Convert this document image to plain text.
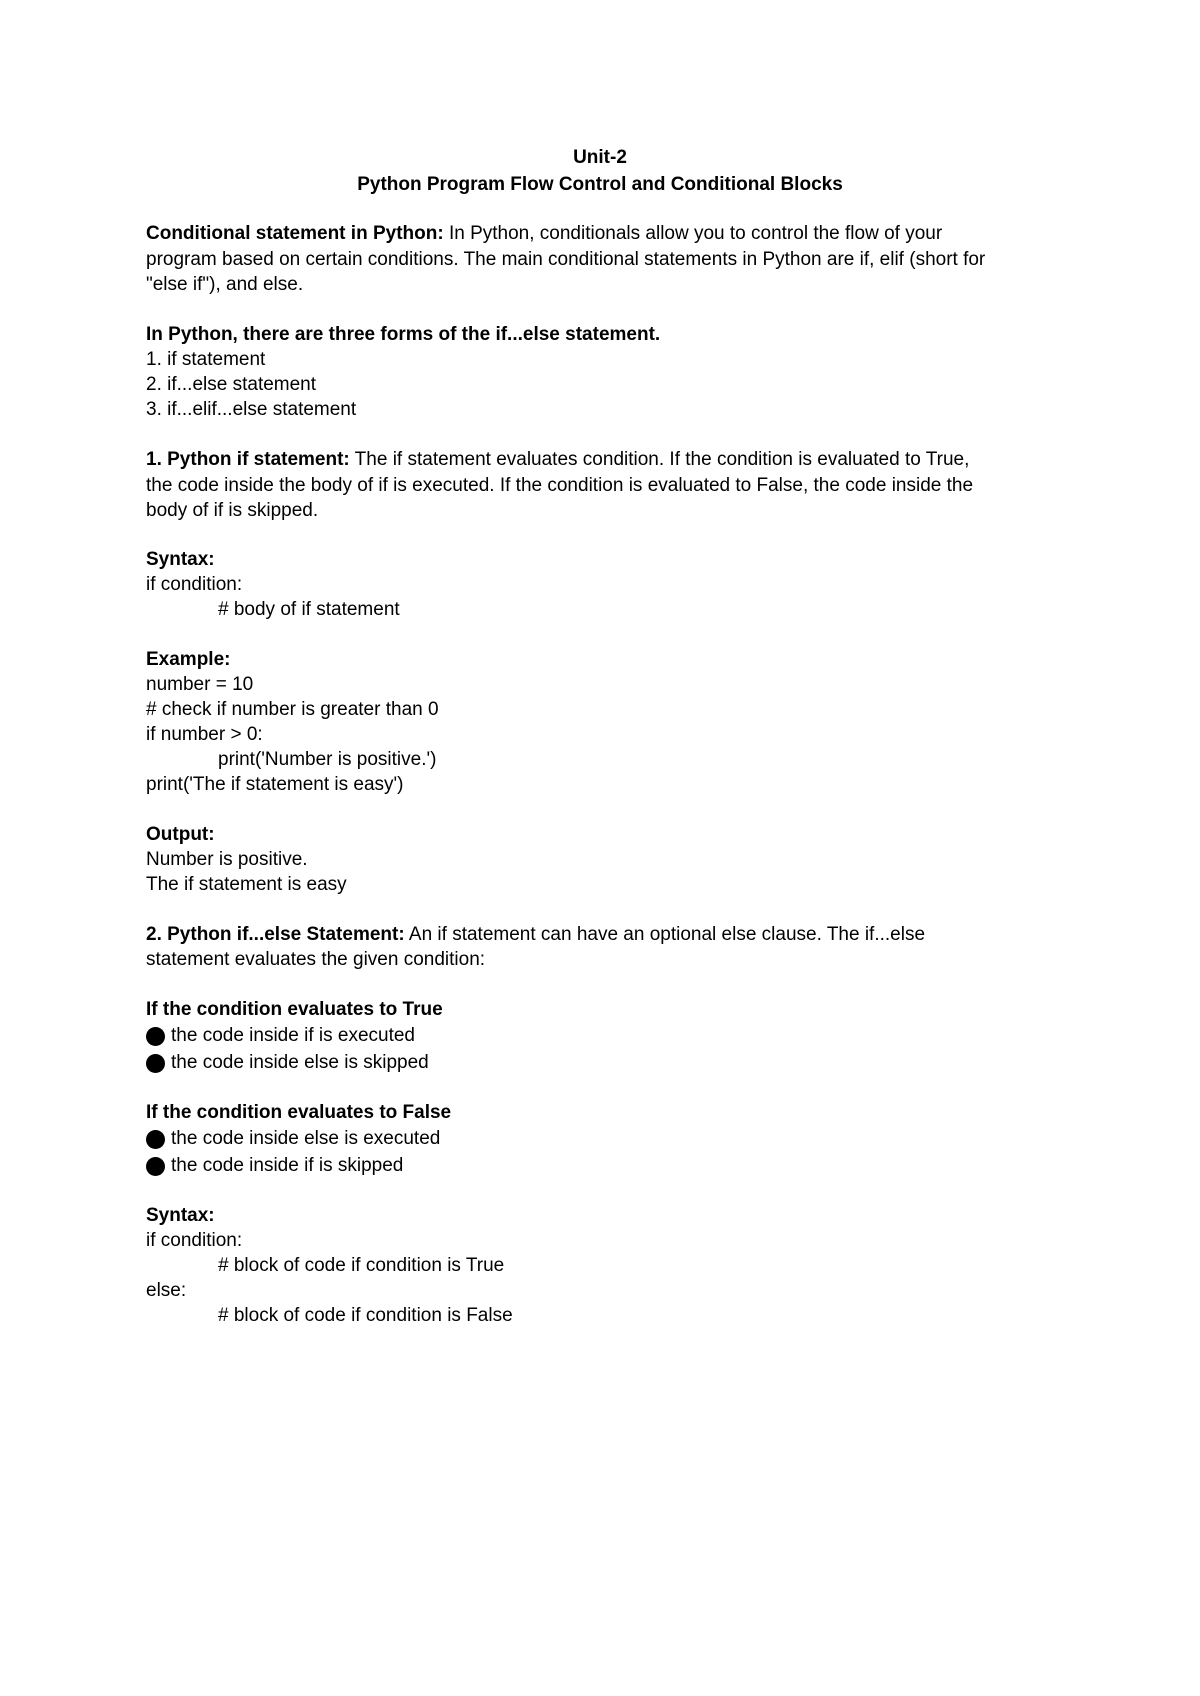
Unit-2
Python Program Flow Control and Conditional Blocks
Conditional statement in Python: In Python, conditionals allow you to control the flow of your
program based on certain conditions. The main conditional statements in Python are if, elif (short for
"else if"), and else.
In Python, there are three forms of the if...else statement.
1. if statement
2. if...else statement
3. if...elif...else statement
1. Python if statement: The if statement evaluates condition. If the condition is evaluated to True,
the code inside the body of if is executed. If the condition is evaluated to False, the code inside the
body of if is skipped.
Syntax:
if condition:
# body of if statement
Example:
number = 10
# check if number is greater than 0
if number > 0:
print('Number is positive.')
print('The if statement is easy')
Output:
Number is positive.
The if statement is easy
2. Python if...else Statement: An if statement can have an optional else clause. The if...else
statement evaluates the given condition:
If the condition evaluates to True
the code inside if is executed
the code inside else is skipped
If the condition evaluates to False
the code inside else is executed
the code inside if is skipped
Syntax:
if condition:
# block of code if condition is True
else:
# block of code if condition is False
